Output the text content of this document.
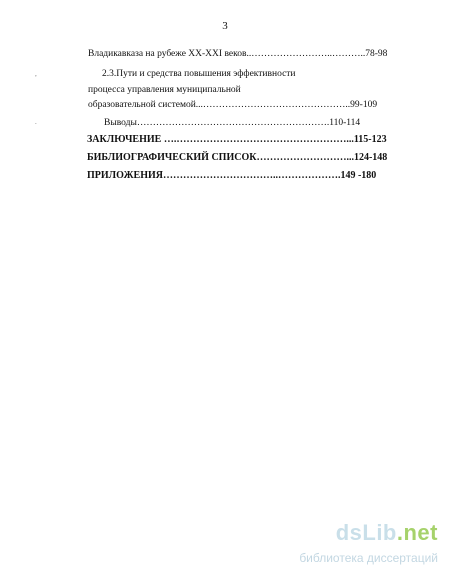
3
Владикавказа на рубеже XX-XXI веков..……………………..………..78-98
2.3.Пути и средства повышения эффективности
процесса управления муниципальной
образовательной системой...………………………………………..99-109
Выводы…………………………………………………….110-114
ЗАКЛЮЧЕНИЕ ….……………………………………………...115-123
БИБЛИОГРАФИЧЕСКИЙ СПИСОК………………………...124-148
ПРИЛОЖЕНИЯ……………………………..……………….149 -180
,
.
dsLib.net
библиотека диссертаций
